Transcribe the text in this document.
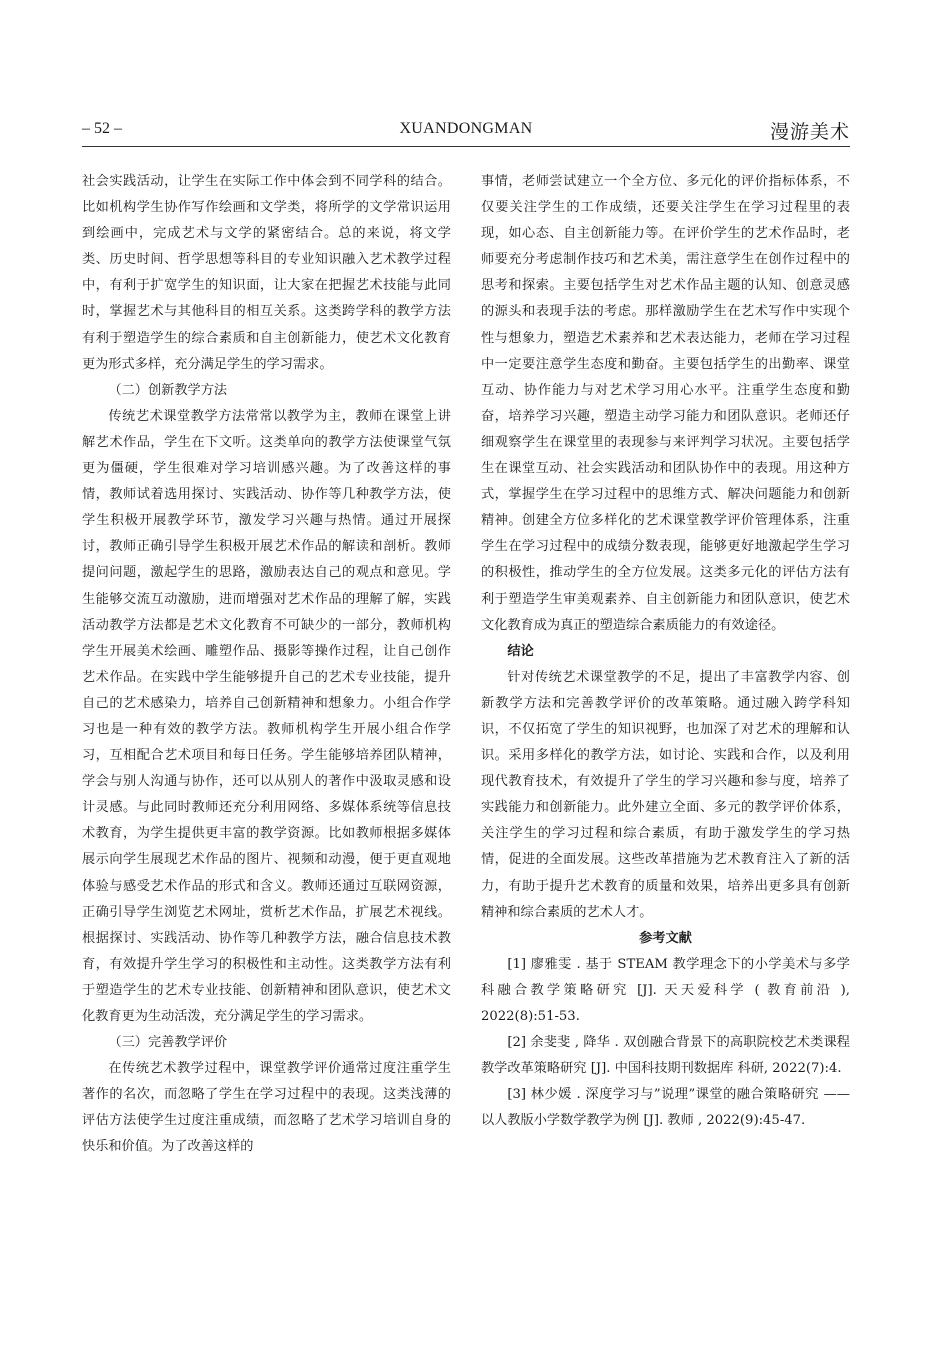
– 52 –	XUANDONGMAN	漫游美术

社会实践活动，让学生在实际工作中体会到不同学科的结合。比如机构学生协作写作绘画和文学类，将所学的文学常识运用到绘画中，完成艺术与文学的紧密结合。总的来说，将文学类、历史时间、哲学思想等科目的专业知识融入艺术教学过程中，有利于扩宽学生的知识面，让大家在把握艺术技能与此同时，掌握艺术与其他科目的相互关系。这类跨学科的教学方法有利于塑造学生的综合素质和自主创新能力，使艺术文化教育更为形式多样，充分满足学生的学习需求。

（二）创新教学方法

传统艺术课堂教学方法常常以教学为主，教师在课堂上讲解艺术作品，学生在下文听。这类单向的教学方法使课堂气氛更为僵硬，学生很难对学习培训感兴趣。为了改善这样的事情，教师试着选用探讨、实践活动、协作等几种教学方法，使学生积极开展教学环节，激发学习兴趣与热情。通过开展探讨，教师正确引导学生积极开展艺术作品的解读和剖析。教师提问问题，激起学生的思路，激励表达自己的观点和意见。学生能够交流互动激励，进而增强对艺术作品的理解了解，实践活动教学方法都是艺术文化教育不可缺少的一部分，教师机构学生开展美术绘画、雕塑作品、摄影等操作过程，让自己创作艺术作品。在实践中学生能够提升自己的艺术专业技能，提升自己的艺术感染力，培养自己创新精神和想象力。小组合作学习也是一种有效的教学方法。教师机构学生开展小组合作学习，互相配合艺术项目和每日任务。学生能够培养团队精神，学会与别人沟通与协作，还可以从别人的著作中汲取灵感和设计灵感。与此同时教师还充分利用网络、多媒体系统等信息技术教育，为学生提供更丰富的教学资源。比如教师根据多媒体展示向学生展现艺术作品的图片、视频和动漫，便于更直观地体验与感受艺术作品的形式和含义。教师还通过互联网资源，正确引导学生浏览艺术网址，赏析艺术作品，扩展艺术视线。根据探讨、实践活动、协作等几种教学方法，融合信息技术教育，有效提升学生学习的积极性和主动性。这类教学方法有利于塑造学生的艺术专业技能、创新精神和团队意识，使艺术文化教育更为生动活泼，充分满足学生的学习需求。

（三）完善教学评价

在传统艺术教学过程中，课堂教学评价通常过度注重学生著作的名次，而忽略了学生在学习过程中的表现。这类浅薄的评估方法使学生过度注重成绩，而忽略了艺术学习培训自身的快乐和价值。为了改善这样的

事情，老师尝试建立一个全方位、多元化的评价指标体系，不仅要关注学生的工作成绩，还要关注学生在学习过程里的表现，如心态、自主创新能力等。在评价学生的艺术作品时，老师要充分考虑制作技巧和艺术美，需注意学生在创作过程中的思考和探索。主要包括学生对艺术作品主题的认知、创意灵感的源头和表现手法的考虑。那样激励学生在艺术写作中实现个性与想象力，塑造艺术素养和艺术表达能力，老师在学习过程中一定要注意学生态度和勤奋。主要包括学生的出勤率、课堂互动、协作能力与对艺术学习用心水平。注重学生态度和勤奋，培养学习兴趣，塑造主动学习能力和团队意识。老师还仔细观察学生在课堂里的表现参与来评判学习状况。主要包括学生在课堂互动、社会实践活动和团队协作中的表现。用这种方式，掌握学生在学习过程中的思维方式、解决问题能力和创新精神。创建全方位多样化的艺术课堂教学评价管理体系，注重学生在学习过程中的成绩分数表现，能够更好地激起学生学习的积极性，推动学生的全方位发展。这类多元化的评估方法有利于塑造学生审美观素养、自主创新能力和团队意识，使艺术文化教育成为真正的塑造综合素质能力的有效途径。

结论

针对传统艺术课堂教学的不足，提出了丰富教学内容、创新教学方法和完善教学评价的改革策略。通过融入跨学科知识，不仅拓宽了学生的知识视野，也加深了对艺术的理解和认识。采用多样化的教学方法，如讨论、实践和合作，以及利用现代教育技术，有效提升了学生的学习兴趣和参与度，培养了实践能力和创新能力。此外建立全面、多元的教学评价体系，关注学生的学习过程和综合素质，有助于激发学生的学习热情，促进的全面发展。这些改革措施为艺术教育注入了新的活力，有助于提升艺术教育的质量和效果，培养出更多具有创新精神和综合素质的艺术人才。

参考文献

[1] 廖雅雯 . 基于 STEAM 教学理念下的小学美术与多学科融合教学策略研究 [J]. 天天爱科学 ( 教育前沿 ), 2022(8):51-53.

[2] 余斐斐 , 降华 . 双创融合背景下的高职院校艺术类课程教学改革策略研究 [J]. 中国科技期刊数据库 科研, 2022(7):4.

[3] 林少媛 . 深度学习与”说理”课堂的融合策略研究 ——以人教版小学数学教学为例 [J]. 教师 , 2022(9):45-47.
